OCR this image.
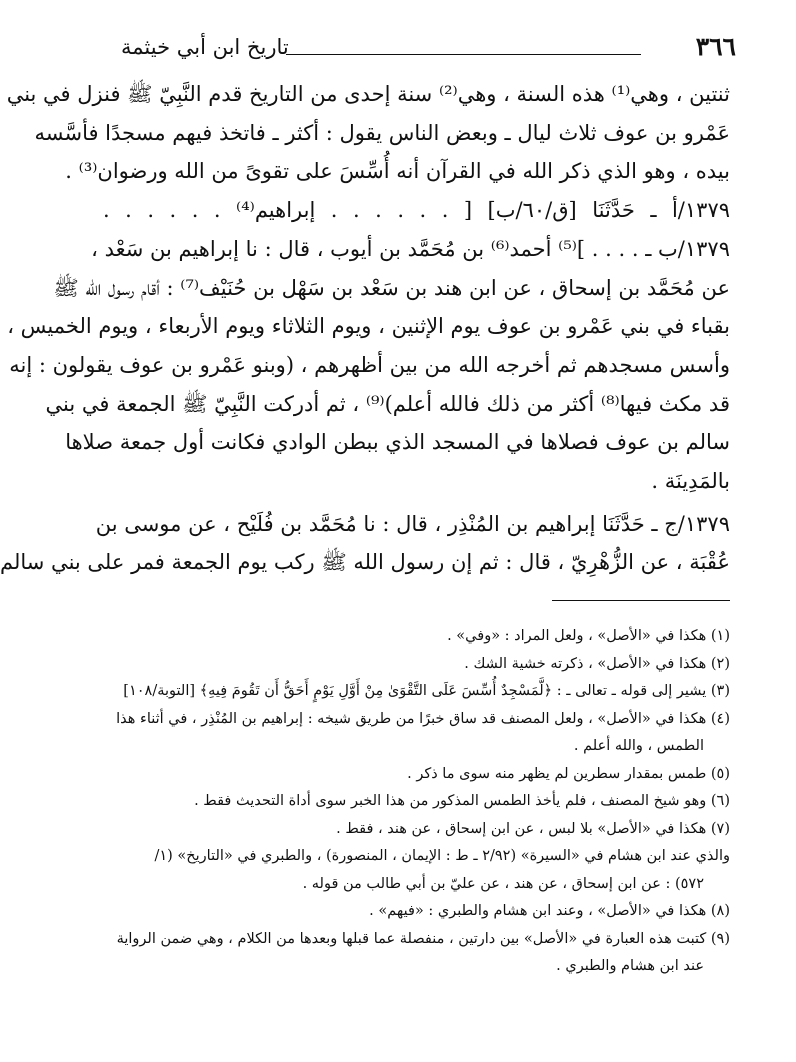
٣٦٦
تاريخ ابن أبي خيثمة
ثنتين ، وهي⁽¹⁾ هذه السنة ، وهي⁽²⁾ سنة إحدى من التاريخ قدم النَّبِيّ ﷺ فنزل في بني
عَمْرو بن عوف ثلاث ليال ـ وبعض الناس يقول : أكثر ـ فاتخذ فيهم مسجدًا فأسَّسه
بيده ، وهو الذي ذكر الله في القرآن أنه أُسِّسَ على تقوىً من الله ورضوان⁽³⁾ .
١٣٧٩/أ ـ حَدَّثَنَا [ق/٦٠/ب] [ . . . . . . إبراهيم⁽⁴⁾ . . . . . .
١٣٧٩/ب ـ . . . . ]⁽⁵⁾ أحمد⁽⁶⁾ بن مُحَمَّد بن أيوب ، قال : نا إبراهيم بن سَعْد ،
عن مُحَمَّد بن إسحاق ، عن ابن هند بن سَعْد بن سَهْل بن حُنَيْف⁽⁷⁾ : أقام رسول الله ﷺ
بقباء في بني عَمْرو بن عوف يوم الإثنين ، ويوم الثلاثاء ويوم الأربعاء ، ويوم الخميس ،
وأسس مسجدهم ثم أخرجه الله من بين أظهرهم ، (وبنو عَمْرو بن عوف يقولون : إنه
قد مكث فيها⁽⁸⁾ أكثر من ذلك فالله أعلم)⁽⁹⁾ ، ثم أدركت النَّبِيّ ﷺ الجمعة في بني
سالم بن عوف فصلاها في المسجد الذي ببطن الوادي فكانت أول جمعة صلاها
بالمَدِينَة .
١٣٧٩/ج ـ حَدَّثَنَا إبراهيم بن المُنْذِر ، قال : نا مُحَمَّد بن فُلَيْح ، عن موسى بن
عُقْبَة ، عن الزُّهْرِيّ ، قال : ثم إن رسول الله ﷺ ركب يوم الجمعة فمر على بني سالم
(١) هكذا في «الأصل» ، ولعل المراد : «وفي» .
(٢) هكذا في «الأصل» ، ذكرته خشية الشك .
(٣) يشير إلى قوله ـ تعالى ـ : ﴿لَّمَسْجِدٌ أُسِّسَ عَلَى التَّقْوَىٰ مِنْ أَوَّلِ يَوْمٍ أَحَقُّ أَن تَقُومَ فِيهِ﴾ [التوبة/١٠٨]
(٤) هكذا في «الأصل» ، ولعل المصنف قد ساق خبرًا من طريق شيخه : إبراهيم بن المُنْذِر ، في أثناء هذا
الطمس ، والله أعلم .
(٥) طمس بمقدار سطرين لم يظهر منه سوى ما ذكر .
(٦) وهو شيخ المصنف ، فلم يأخذ الطمس المذكور من هذا الخبر سوى أداة التحديث فقط .
(٧) هكذا في «الأصل» بلا لبس ، عن ابن إسحاق ، عن هند ، فقط .
والذي عند ابن هشام في «السيرة» (٢/٩٢ ـ ط : الإيمان ، المنصورة) ، والطبري في «التاريخ» (١/
٥٧٢) : عن ابن إسحاق ، عن هند ، عن عليّ بن أبي طالب من قوله .
(٨) هكذا في «الأصل» ، وعند ابن هشام والطبري : «فيهم» .
(٩) كتبت هذه العبارة في «الأصل» بين دارتين ، منفصلة عما قبلها وبعدها من الكلام ، وهي ضمن الرواية
عند ابن هشام والطبري .
